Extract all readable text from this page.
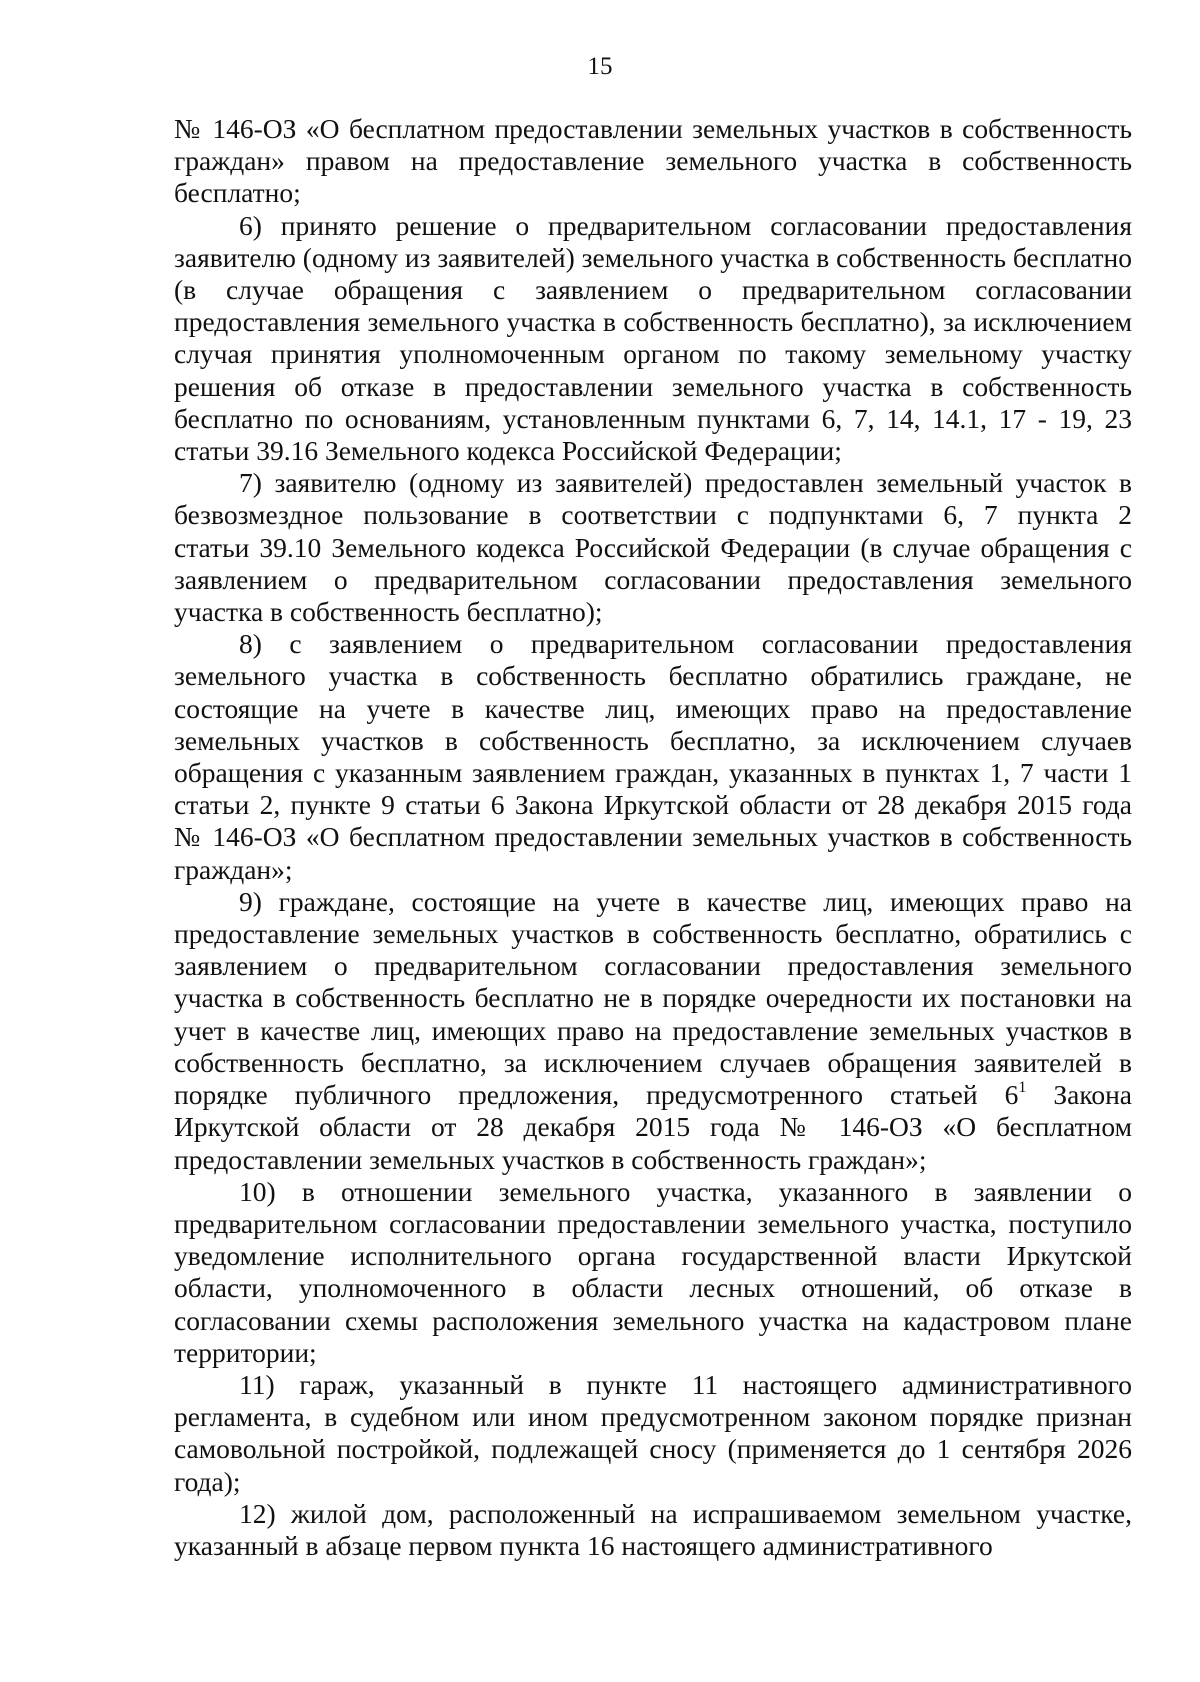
15
№ 146-ОЗ «О бесплатном предоставлении земельных участков в собственность
граждан» правом на предоставление земельного участка в собственность
бесплатно;
6) принято решение о предварительном согласовании предоставления
заявителю (одному из заявителей) земельного участка в собственность бесплатно
(в случае обращения с заявлением о предварительном согласовании
предоставления земельного участка в собственность бесплатно), за исключением
случая принятия уполномоченным органом по такому земельному участку
решения об отказе в предоставлении земельного участка в собственность
бесплатно по основаниям, установленным пунктами 6, 7, 14, 14.1, 17 - 19, 23
статьи 39.16 Земельного кодекса Российской Федерации;
7) заявителю (одному из заявителей) предоставлен земельный участок в
безвозмездное пользование в соответствии с подпунктами 6, 7 пункта 2
статьи 39.10 Земельного кодекса Российской Федерации (в случае обращения с
заявлением о предварительном согласовании предоставления земельного
участка в собственность бесплатно);
8) с заявлением о предварительном согласовании предоставления
земельного участка в собственность бесплатно обратились граждане, не
состоящие на учете в качестве лиц, имеющих право на предоставление
земельных участков в собственность бесплатно, за исключением случаев
обращения с указанным заявлением граждан, указанных в пунктах 1, 7 части 1
статьи 2, пункте 9 статьи 6 Закона Иркутской области от 28 декабря 2015 года
№ 146-ОЗ «О бесплатном предоставлении земельных участков в собственность
граждан»;
9) граждане, состоящие на учете в качестве лиц, имеющих право на
предоставление земельных участков в собственность бесплатно, обратились с
заявлением о предварительном согласовании предоставления земельного
участка в собственность бесплатно не в порядке очередности их постановки на
учет в качестве лиц, имеющих право на предоставление земельных участков в
собственность бесплатно, за исключением случаев обращения заявителей в
порядке публичного предложения, предусмотренного статьей $6^1$ Закона
Иркутской области от 28 декабря 2015 года № 146-ОЗ «О бесплатном
предоставлении земельных участков в собственность граждан»;
10) в отношении земельного участка, указанного в заявлении о
предварительном согласовании предоставлении земельного участка, поступило
уведомление исполнительного органа государственной власти Иркутской
области, уполномоченного в области лесных отношений, об отказе в
согласовании схемы расположения земельного участка на кадастровом плане
территории;
11) гараж, указанный в пункте 11 настоящего административного
регламента, в судебном или ином предусмотренном законом порядке признан
самовольной постройкой, подлежащей сносу (применяется до 1 сентября 2026
года);
12) жилой дом, расположенный на испрашиваемом земельном участке,
указанный в абзаце первом пункта 16 настоящего административного
